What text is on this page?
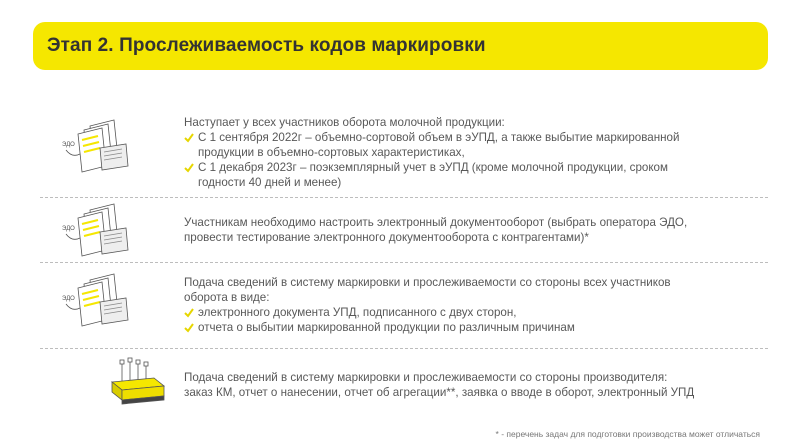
Этап 2. Прослеживаемость кодов маркировки
ЭДО

Наступает у всех участников оборота молочной продукции:

С 1 сентября 2022г – объемно-сортовой объем в эУПД, а также выбытие маркированной
продукции в объемно-сортовых характеристиках,
С 1 декабря 2023г – поэкземплярный учет в эУПД (кроме молочной продукции, сроком
годности 40 дней и менее)
ЭДО	Участникам необходимо настроить электронный документооборот (выбрать оператора ЭДО,

провести тестирование электронного документооборота с контрагентами)*

ЭДО

Подача сведений в систему маркировки и прослеживаемости со стороны всех участников

оборота в виде:

электронного документа УПД, подписанного с двух сторон,
отчета о выбытии маркированной продукции по различным причинам

Подача сведений в систему маркировки и прослеживаемости со стороны производителя:

заказ КМ, отчет о нанесении, отчет об агрегации**, заявка о вводе в оборот, электронный УПД

* - перечень задач для подготовки производства может отличаться
